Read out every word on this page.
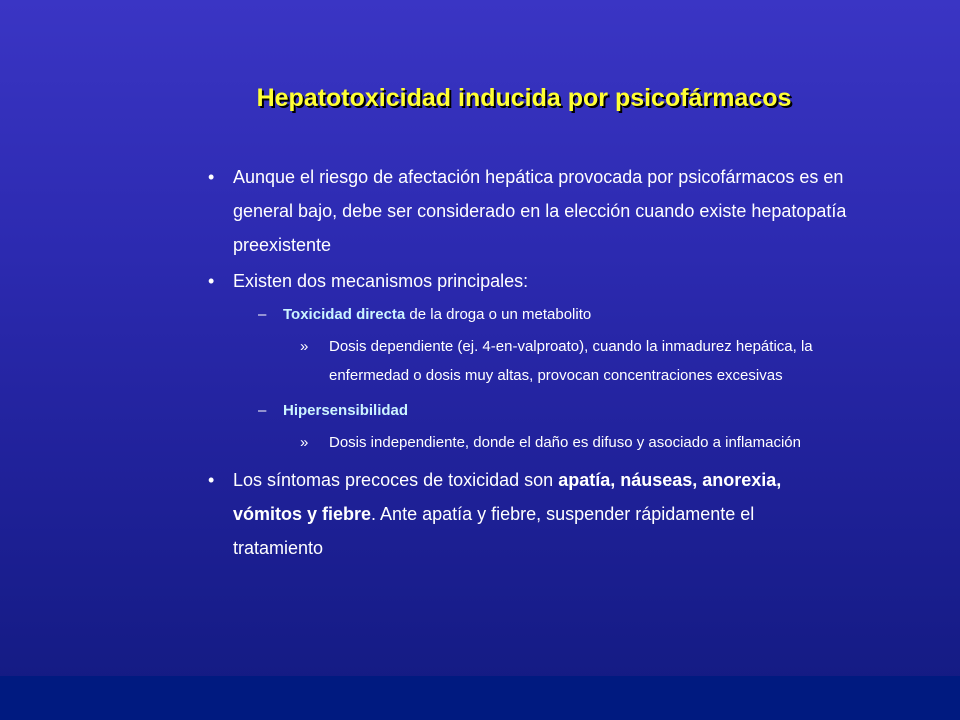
Hepatotoxicidad inducida por psicofármacos
• Aunque el riesgo de afectación hepática provocada por psicofármacos es en general bajo, debe ser considerado en la elección cuando existe hepatopatía preexistente
• Existen dos mecanismos principales:
– Toxicidad directa de la droga o un metabolito
» Dosis dependiente (ej. 4-en-valproato), cuando la inmadurez hepática, la enfermedad o dosis muy altas, provocan concentraciones excesivas
– Hipersensibilidad
» Dosis independiente, donde el daño es difuso y asociado a inflamación
• Los síntomas precoces de toxicidad son apatía, náuseas, anorexia, vómitos y fiebre. Ante apatía y fiebre, suspender rápidamente el tratamiento
